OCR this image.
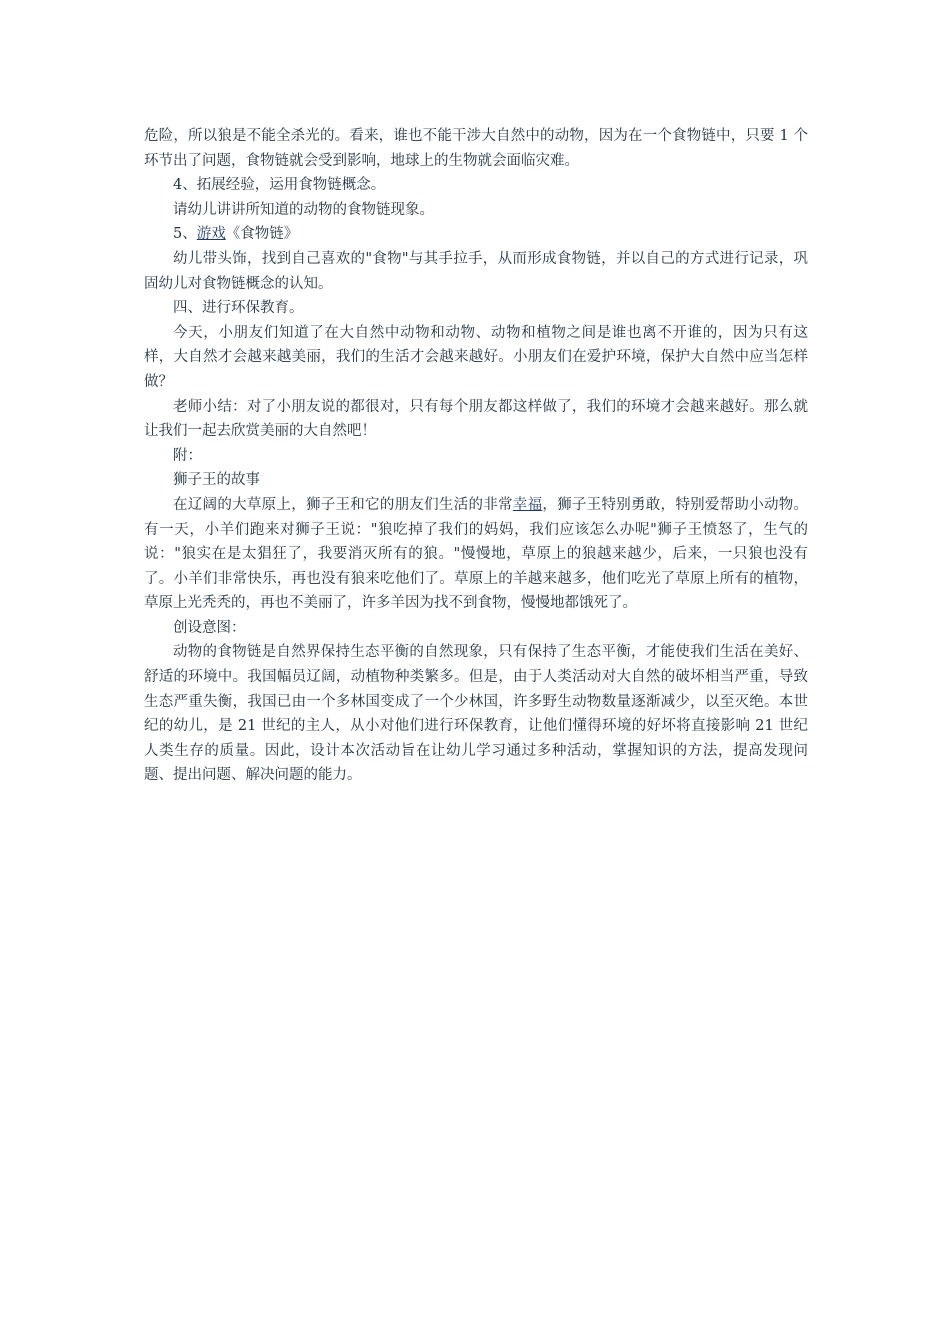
危险，所以狼是不能全杀光的。看来，谁也不能干涉大自然中的动物，因为在一个食物链中，只要 1 个环节出了问题，食物链就会受到影响，地球上的生物就会面临灾难。

4、拓展经验，运用食物链概念。

请幼儿讲讲所知道的动物的食物链现象。

5、游戏《食物链》

幼儿带头饰，找到自己喜欢的"食物"与其手拉手，从而形成食物链，并以自己的方式进行记录，巩固幼儿对食物链概念的认知。

四、进行环保教育。

今天，小朋友们知道了在大自然中动物和动物、动物和植物之间是谁也离不开谁的，因为只有这样，大自然才会越来越美丽，我们的生活才会越来越好。小朋友们在爱护环境，保护大自然中应当怎样做？

老师小结：对了小朋友说的都很对，只有每个朋友都这样做了，我们的环境才会越来越好。那么就让我们一起去欣赏美丽的大自然吧！

附：

狮子王的故事

在辽阔的大草原上，狮子王和它的朋友们生活的非常幸福，狮子王特别勇敢，特别爱帮助小动物。有一天，小羊们跑来对狮子王说："狼吃掉了我们的妈妈，我们应该怎么办呢"狮子王愤怒了，生气的说："狼实在是太猖狂了，我要消灭所有的狼。"慢慢地，草原上的狼越来越少，后来，一只狼也没有了。小羊们非常快乐，再也没有狼来吃他们了。草原上的羊越来越多，他们吃光了草原上所有的植物，草原上光秃秃的，再也不美丽了，许多羊因为找不到食物，慢慢地都饿死了。

创设意图：

动物的食物链是自然界保持生态平衡的自然现象，只有保持了生态平衡，才能使我们生活在美好、舒适的环境中。我国幅员辽阔，动植物种类繁多。但是，由于人类活动对大自然的破坏相当严重，导致生态严重失衡，我国已由一个多林国变成了一个少林国，许多野生动物数量逐渐减少，以至灭绝。本世纪的幼儿，是 21 世纪的主人，从小对他们进行环保教育，让他们懂得环境的好坏将直接影响 21 世纪人类生存的质量。因此，设计本次活动旨在让幼儿学习通过多种活动，掌握知识的方法，提高发现问题、提出问题、解决问题的能力。
